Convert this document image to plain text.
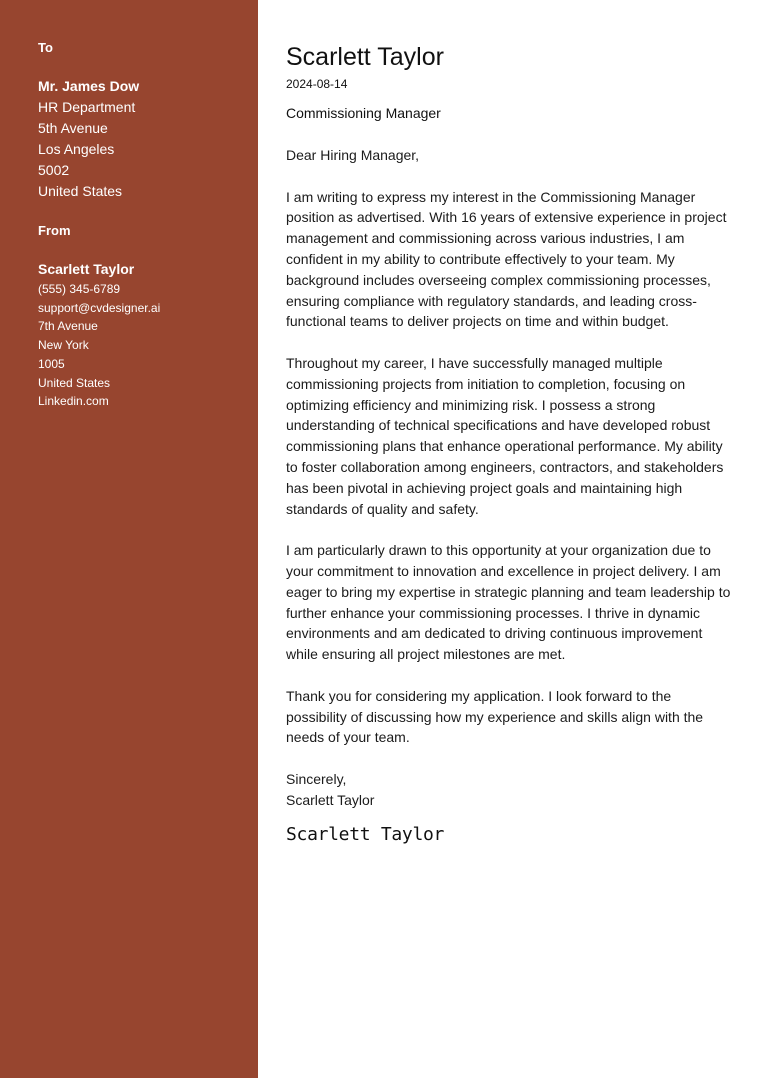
To
Mr. James Dow
HR Department
5th Avenue
Los Angeles
5002
United States
From
Scarlett Taylor
(555) 345-6789
support@cvdesigner.ai
7th Avenue
New York
1005
United States
Linkedin.com
Scarlett Taylor
2024-08-14
Commissioning Manager
Dear Hiring Manager,

I am writing to express my interest in the Commissioning Manager position as advertised. With 16 years of extensive experience in project management and commissioning across various industries, I am confident in my ability to contribute effectively to your team. My background includes overseeing complex commissioning processes, ensuring compliance with regulatory standards, and leading cross-functional teams to deliver projects on time and within budget.

Throughout my career, I have successfully managed multiple commissioning projects from initiation to completion, focusing on optimizing efficiency and minimizing risk. I possess a strong understanding of technical specifications and have developed robust commissioning plans that enhance operational performance. My ability to foster collaboration among engineers, contractors, and stakeholders has been pivotal in achieving project goals and maintaining high standards of quality and safety.

I am particularly drawn to this opportunity at your organization due to your commitment to innovation and excellence in project delivery. I am eager to bring my expertise in strategic planning and team leadership to further enhance your commissioning processes. I thrive in dynamic environments and am dedicated to driving continuous improvement while ensuring all project milestones are met.

Thank you for considering my application. I look forward to the possibility of discussing how my experience and skills align with the needs of your team.

Sincerely,
Scarlett Taylor
Scarlett Taylor
